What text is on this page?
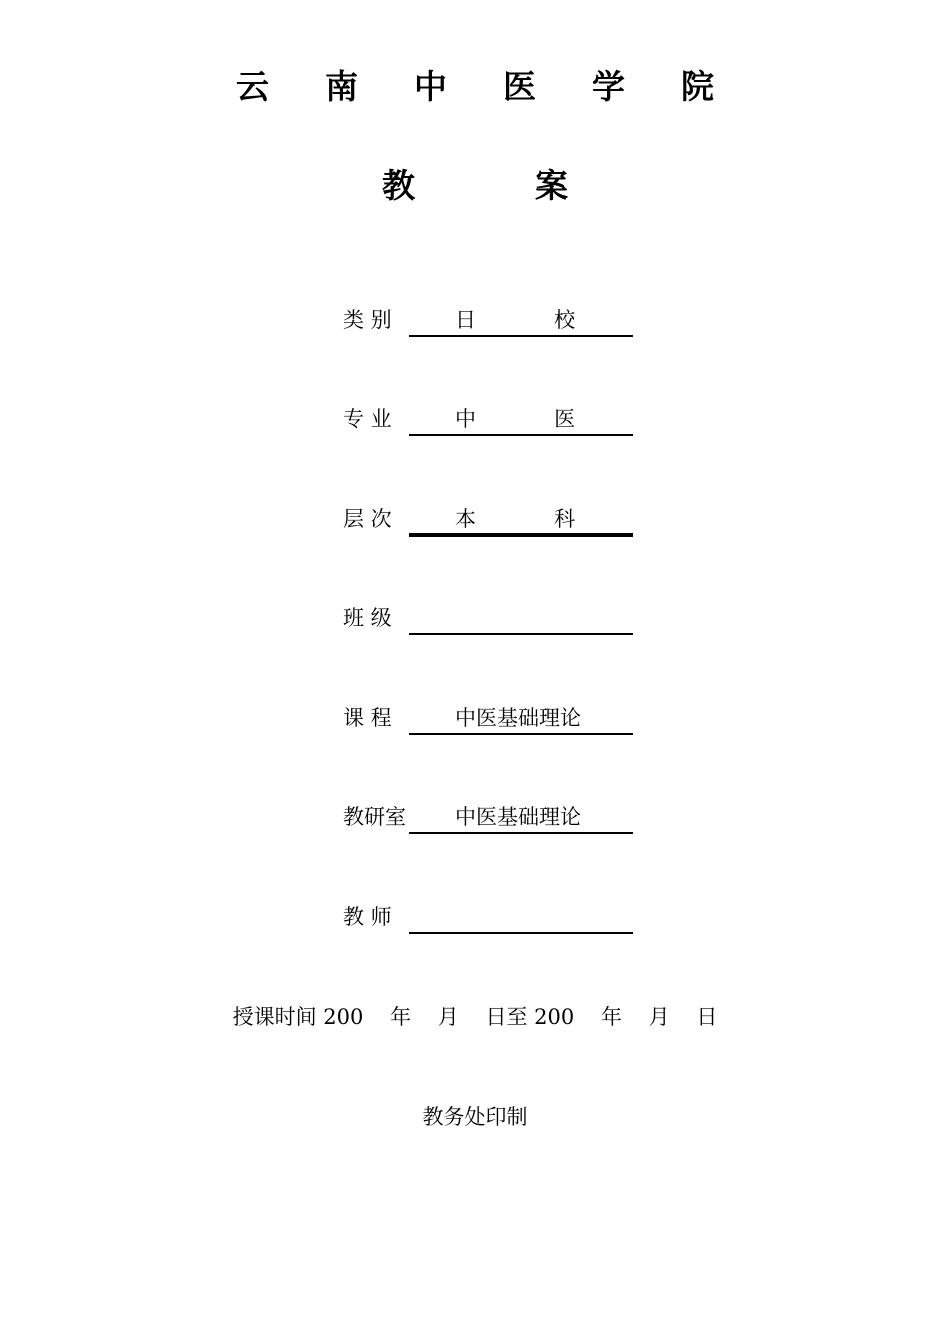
云 南 中 医 学 院
教	案
类 别	日 校
专 业	中 医
层 次	本 科
班 级
课 程	中医基础理论
教研室 中医基础理论
教 师
授课时间 200    年    月    日至 200    年    月    日
教务处印制
